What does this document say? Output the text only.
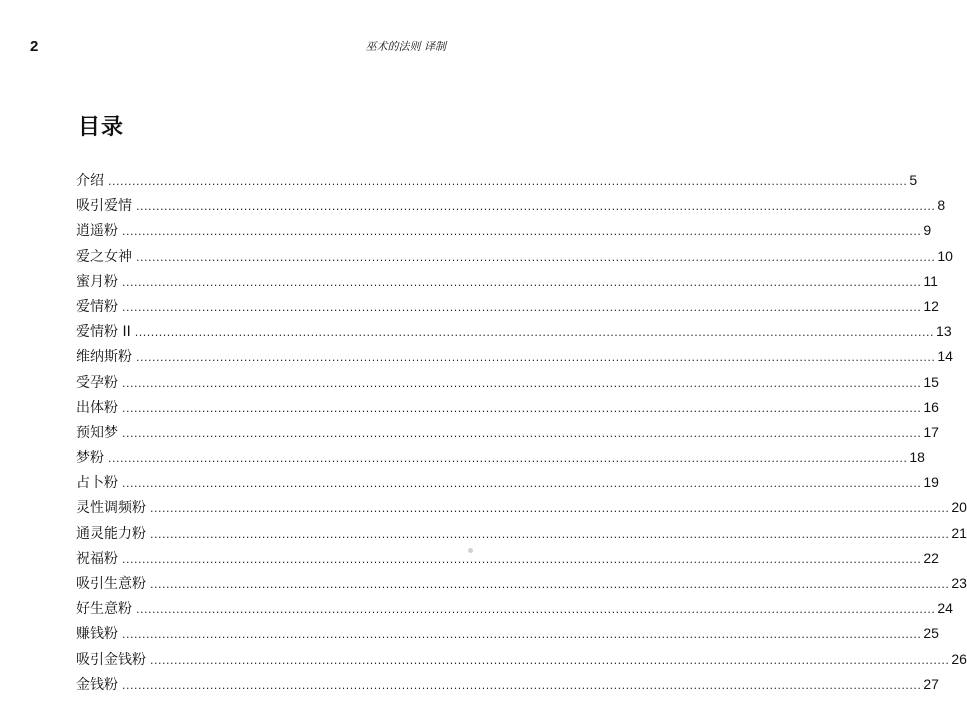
2	巫术的法则 译制
目录
介绍 ........................................................................................................................................................................................................ 5
吸引爱情 ........................................................................................................................................................................................................ 8
逍遥粉 ........................................................................................................................................................................................................ 9
爱之女神 ........................................................................................................................................................................................................ 10
蜜月粉 ........................................................................................................................................................................................................ 11
爱情粉 ........................................................................................................................................................................................................ 12
爱情粉 II ........................................................................................................................................................................................................ 13
维纳斯粉 ........................................................................................................................................................................................................ 14
受孕粉 ........................................................................................................................................................................................................ 15
出体粉 ........................................................................................................................................................................................................ 16
预知梦 ........................................................................................................................................................................................................ 17
梦粉 ........................................................................................................................................................................................................ 18
占卜粉 ........................................................................................................................................................................................................ 19
灵性调频粉 ........................................................................................................................................................................................................ 20
通灵能力粉 ........................................................................................................................................................................................................ 21
祝福粉 ........................................................................................................................................................................................................ 22
吸引生意粉 ........................................................................................................................................................................................................ 23
好生意粉 ........................................................................................................................................................................................................ 24
赚钱粉 ........................................................................................................................................................................................................ 25
吸引金钱粉 ........................................................................................................................................................................................................ 26
金钱粉 ........................................................................................................................................................................................................ 27
